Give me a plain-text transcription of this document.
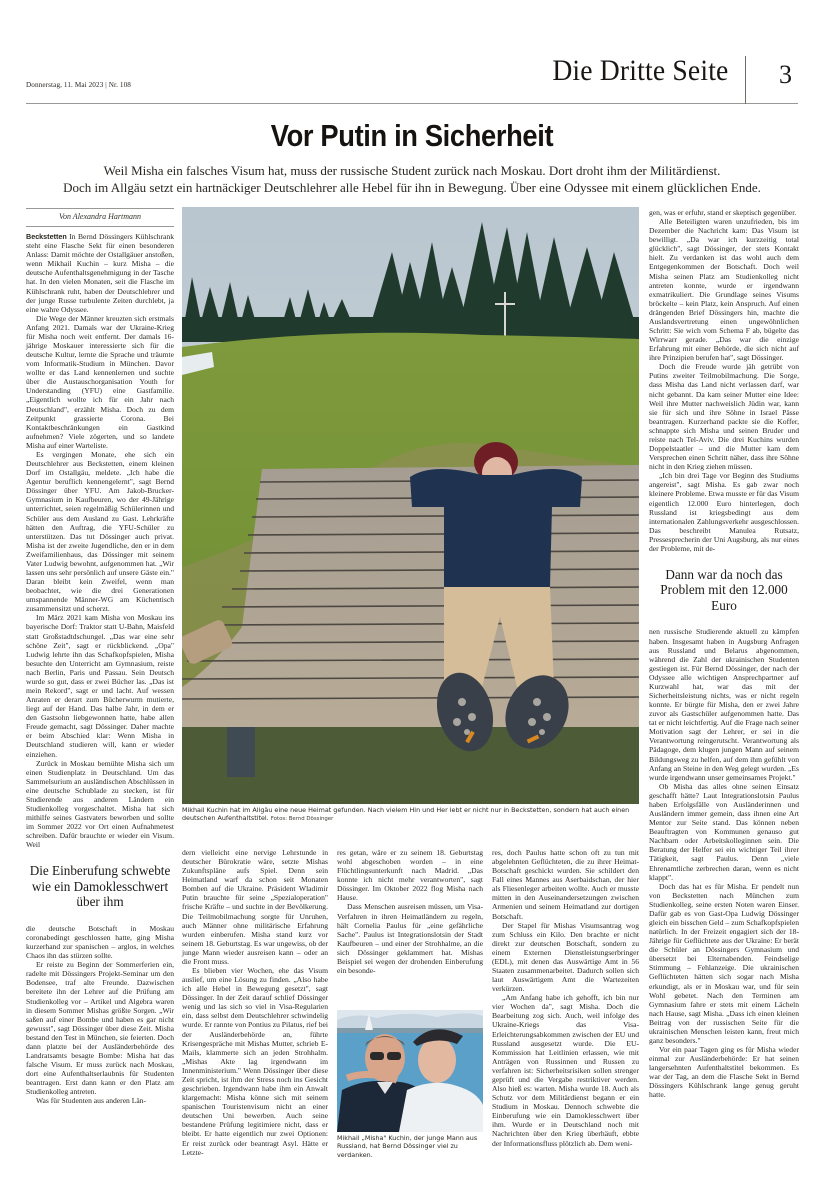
Donnerstag, 11. Mai 2023 | Nr. 108	Die Dritte Seite 3
Vor Putin in Sicherheit
Weil Misha ein falsches Visum hat, muss der russische Student zurück nach Moskau. Dort droht ihm der Militärdienst.
Doch im Allgäu setzt ein hartnäckiger Deutschlehrer alle Hebel für ihn in Bewegung. Über eine Odyssee mit einem glücklichen Ende.
Von Alexandra Hartmann

Beckstetten In Bernd Dössingers Kühlschrank steht eine Flasche Sekt für einen besonderen Anlass: Damit möchte der Ostallgäuer anstoßen, wenn Mikhail Kuchin – kurz Misha – die deutsche Aufenthaltsgenehmigung in der Tasche hat. In den vielen Monaten, seit die Flasche im Kühlschrank ruht, haben der Deutschlehrer und der junge Russe turbulente Zeiten durchlebt, ja eine wahre Odyssee.

Die Wege der Männer kreuzten sich erstmals Anfang 2021. Damals war der Ukraine-Krieg für Misha noch weit entfernt. Der damals 16-jährige Moskauer interessierte sich für die deutsche Kultur, lernte die Sprache und träumte vom Informatik-Studium in München. Davor wollte er das Land kennenlernen und suchte über die Austauschorganisation Youth for Understanding (YFU) eine Gastfamilie. „Eigentlich wollte ich für ein Jahr nach Deutschland", erzählt Misha. Doch zu dem Zeitpunkt grassierte Corona. Bei Kontaktbeschränkungen ein Gastkind aufnehmen? Viele zögerten, und so landete Misha auf einer Warteliste.

Es vergingen Monate, ehe sich ein Deutschlehrer aus Beckstetten, einem kleinen Dorf im Ostallgäu, meldete. „Ich habe die Agentur beruflich kennengelernt", sagt Bernd Dössinger über YFU. Am Jakob-Brucker-Gymnasium in Kaufbeuren, wo der 49-Jährige unterrichtet, seien regelmäßig Schülerinnen und Schüler aus dem Ausland zu Gast. Lehrkräfte hätten den Auftrag, die YFU-Schüler zu unterstützen. Das tut Dössinger auch privat. Misha ist der zweite Jugendliche, den er in dem Zweifamilienhaus, das Dössinger mit seinem Vater Ludwig bewohnt, aufgenommen hat. „Wir lassen uns sehr persönlich auf unsere Gäste ein." Daran bleibt kein Zweifel, wenn man beobachtet, wie die drei Generationen umspannende Männer-WG am Küchentisch zusammensitzt und scherzt.

Im März 2021 kam Misha von Moskau ins bayerische Dorf: Traktor statt U-Bahn, Maisfeld statt Großstadtdschungel. „Das war eine sehr schöne Zeit", sagt er rückblickend. „Opa" Ludwig lehrte ihn das Schafkopfspielen, Misha besuchte den Unterricht am Gymnasium, reiste nach Berlin, Paris und Passau. Sein Deutsch wurde so gut, dass er zwei Bücher las. „Das ist mein Rekord", sagt er und lacht. Auf wessen Anraten er derart zum Bücherwurm mutierte, liegt auf der Hand. Das halbe Jahr, in dem er den Gastsohn liebgewonnen hatte, habe allen Freude gemacht, sagt Dössinger. Daher machte er beim Abschied klar: Wenn Misha in Deutschland studieren will, kann er wieder einziehen.

Zurück in Moskau bemühte Misha sich um einen Studienplatz in Deutschland. Um das Sammelsurium an ausländischen Abschlüssen in eine deutsche Schublade zu stecken, ist für Studierende aus anderen Ländern ein Studienkolleg vorgeschaltet. Misha hat sich mithilfe seines Gastvaters beworben und sollte im Sommer 2022 vor Ort einen Aufnahmetest schreiben. Dafür brauchte er wieder ein Visum. Weil

Die Einberufung schwebte wie ein Damoklesschwert über ihm

die deutsche Botschaft in Moskau coronabedingt geschlossen hatte, ging Misha kurzerhand zur spanischen – arglos, in welches Chaos ihn das stürzen sollte.

Er reiste zu Beginn der Sommerferien ein, radelte mit Dössingers Projekt-Seminar um den Bodensee, traf alte Freunde. Dazwischen bereitete ihn der Lehrer auf die Prüfung am Studienkolleg vor – Artikel und Algebra waren in diesem Sommer Mishas größte Sorgen. „Wir saßen auf einer Bombe und haben es gar nicht gewusst", sagt Dössinger über diese Zeit. Misha bestand den Test in München, sie feierten. Doch dann platzte bei der Ausländerbehörde des Landratsamts besagte Bombe: Misha hat das falsche Visum. Er muss zurück nach Moskau, dort eine Aufenthaltserlaubnis für Studenten beantragen. Erst dann kann er den Platz am Studienkolleg antreten.

Was für Studenten aus anderen Län-

Mikhail Kuchin hat im Allgäu eine neue Heimat gefunden. Nach vielem Hin und Her lebt er nicht nur in Beckstetten, sondern hat auch einen deutschen Aufenthaltstitel. Fotos: Bernd Dössinger

dern vielleicht eine nervige Lehrstunde in deutscher Bürokratie wäre, setzte Mishas Zukunftspläne aufs Spiel. Denn sein Heimatland warf da schon seit Monaten Bomben auf die Ukraine. Präsident Wladimir Putin brauchte für seine „Spezialoperation" frische Kräfte – und suchte in der Bevölkerung. Die Teilmobilmachung sorgte für Unruhen, auch Männer ohne militärische Erfahrung wurden einberufen. Misha stand kurz vor seinem 18. Geburtstag. Es war ungewiss, ob der junge Mann wieder ausreisen kann – oder an die Front muss.

Es blieben vier Wochen, ehe das Visum auslief, um eine Lösung zu finden. „Also habe ich alle Hebel in Bewegung gesetzt", sagt Dössinger. In der Zeit darauf schlief Dössinger wenig und las sich so viel in Visa-Regularien ein, dass selbst dem Deutschlehrer schwindelig wurde. Er rannte von Pontius zu Pilatus, rief bei der Ausländerbehörde an, führte Krisengespräche mit Mishas Mutter, schrieb E-Mails, klammerte sich an jeden Strohhalm. „Mishas Akte lag irgendwann im Innenministerium." Wenn Dössinger über diese Zeit spricht, ist ihm der Stress noch ins Gesicht geschrieben. Irgendwann habe ihm ein Anwalt klargemacht: Misha könne sich mit seinem spanischen Touristenvisum nicht an einer deutschen Uni bewerben. Auch seine bestandene Prüfung legitimiere nicht, dass er bleibt. Er hatte eigentlich nur zwei Optionen: Er reist zurück oder beantragt Asyl. Hätte er Letzte-

res getan, wäre er zu seinem 18. Geburtstag wohl abgeschoben worden – in eine Flüchtlingsunterkunft nach Madrid. „Das konnte ich nicht mehr verantworten", sagt Dössinger. Im Oktober 2022 flog Misha nach Hause.

Dass Menschen ausreisen müssen, um Visa-Verfahren in ihren Heimatländern zu regeln, hält Cornelia Paulus für „eine gefährliche Sache". Paulus ist Integrationslotsin der Stadt Kaufbeuren – und einer der Strohhalme, an die sich Dössinger geklammert hat. Mishas Beispiel sei wegen der drohenden Einberufung ein besonde-

Mikhail „Misha" Kuchin, der junge Mann aus Russland, hat Bernd Dössinger viel zu verdanken.

res, doch Paulus hatte schon oft zu tun mit abgelehnten Geflüchteten, die zu ihrer Heimat-Botschaft geschickt wurden. Sie schildert den Fall eines Mannes aus Aserbaidschan, der hier als Fliesenleger arbeiten wollte. Auch er musste mitten in den Auseinandersetzungen zwischen Armenien und seinem Heimatland zur dortigen Botschaft.

Der Stapel für Mishas Visumsantrag wog zum Schluss ein Kilo. Den brachte er nicht direkt zur deutschen Botschaft, sondern zu einem Externen Dienstleistungserbringer (EDL), mit denen das Auswärtige Amt in 56 Staaten zusammenarbeitet. Dadurch sollen sich laut Auswärtigem Amt die Wartezeiten verkürzen.

„Am Anfang habe ich gehofft, ich bin nur vier Wochen da", sagt Misha. Doch die Bearbeitung zog sich. Auch, weil infolge des Ukraine-Kriegs das Visa-Erleichterungsabkommen zwischen der EU und Russland ausgesetzt wurde. Die EU-Kommission hat Leitlinien erlassen, wie mit Anträgen von Russinnen und Russen zu verfahren ist: Sicherheitsrisiken sollen strenger geprüft und die Vergabe restriktiver werden. Also hieß es: warten. Misha wurde 18. Auch als Schutz vor dem Militärdienst begann er ein Studium in Moskau. Dennoch schwebte die Einberufung wie ein Damoklesschwert über ihm. Wurde er in Deutschland noch mit Nachrichten über den Krieg überhäuft, ebbte der Informationsfluss plötzlich ab. Dem weni-

gen, was er erfuhr, stand er skeptisch gegenüber.

Alle Beteiligten waren unzufrieden, bis im Dezember die Nachricht kam: Das Visum ist bewilligt. „Da war ich kurzzeitig total glücklich", sagt Dössinger, der stets Kontakt hielt. Zu verdanken ist das wohl auch dem Entgegenkommen der Botschaft. Doch weil Misha seinen Platz am Studienkolleg nicht antreten konnte, wurde er irgendwann exmatrikuliert. Die Grundlage seines Visums bröckelte – kein Platz, kein Anspruch. Auf einen drängenden Brief Dössingers hin, machte die Auslandsvertretung einen ungewöhnlichen Schritt: Sie wich vom Schema F ab, bügelte das Wirrwarr gerade. „Das war die einzige Erfahrung mit einer Behörde, die sich nicht auf ihre Prinzipien berufen hat", sagt Dössinger.

Doch die Freude wurde jäh getrübt von Putins zweiter Teilmobilmachung. Die Sorge, dass Misha das Land nicht verlassen darf, war nicht gebannt. Da kam seiner Mutter eine Idee: Weil ihre Mutter nachweislich Jüdin war, kann sie für sich und ihre Söhne in Israel Pässe beantragen. Kurzerhand packte sie die Koffer, schnappte sich Misha und seinen Bruder und reiste nach Tel-Aviv. Die drei Kuchins wurden Doppelstaatler – und die Mutter kam dem Versprechen einen Schritt näher, dass ihre Söhne nicht in den Krieg ziehen müssen.

„Ich bin drei Tage vor Beginn des Studiums angereist", sagt Misha. Es gab zwar noch kleinere Probleme. Etwa musste er für das Visum eigentlich 12.000 Euro hinterlegen, doch Russland ist kriegsbedingt aus dem internationalen Zahlungsverkehr ausgeschlossen. Das beschreibt Manulea Rutsatz, Pressesprecherin der Uni Augsburg, als nur eines der Probleme, mit de-

Dann war da noch das Problem mit den 12.000 Euro

nen russische Studierende aktuell zu kämpfen haben. Insgesamt haben in Augsburg Anfragen aus Russland und Belarus abgenommen, während die Zahl der ukrainischen Studenten gestiegen ist. Für Bernd Dössinger, der nach der Odyssee alle wichtigen Ansprechpartner auf Kurzwahl hat, war das mit der Sicherheitsleistung nichts, was er nicht regeln konnte. Er bürgte für Misha, den er zwei Jahre zuvor als Gastschüler aufgenommen hatte. Das tat er nicht leichtfertig. Auf die Frage nach seiner Motivation sagt der Lehrer, er sei in die Verantwortung reingerutscht. Verantwortung als Pädagoge, dem klugen jungen Mann auf seinem Bildungsweg zu helfen, auf dem ihm gefühlt von Anfang an Steine in den Weg gelegt wurden. „Es wurde irgendwann unser gemeinsames Projekt."

Ob Misha das alles ohne seinen Einsatz geschafft hätte? Laut Integrationslotsin Paulus haben Erfolgsfälle von Ausländerinnen und Ausländern immer gemein, dass ihnen eine Art Mentor zur Seite stand. Das können neben Beauftragten von Kommunen genauso gut Nachbarn oder Arbeitskolleginnen sein. Die Beratung der Helfer sei ein wichtiger Teil ihrer Tätigkeit, sagt Paulus. Denn „viele Ehrenamtliche zerbrechen daran, wenn es nicht klappt".

Doch das hat es für Misha. Er pendelt nun von Beckstetten nach München zum Studienkolleg, seine ersten Noten waren Einser. Dafür gab es von Gast-Opa Ludwig Dössinger gleich ein bisschen Geld – zum Schafkopfspielen natürlich. In der Freizeit engagiert sich der 18-Jährige für Geflüchtete aus der Ukraine: Er berät die Schüler an Dössingers Gymnasium und übersetzt bei Elternabenden. Feindselige Stimmung – Fehlanzeige. Die ukrainischen Geflüchteten hätten sich sogar nach Misha erkundigt, als er in Moskau war, und für sein Wohl gebetet. Nach den Terminen am Gymnasium fahre er stets mit einem Lächeln nach Hause, sagt Misha. „Dass ich einen kleinen Beitrag von der russischen Seite für die ukrainischen Menschen leisten kann, freut mich ganz besonders."

Vor ein paar Tagen ging es für Misha wieder einmal zur Ausländerbehörde: Er hat seinen langersehnten Aufenthaltstitel bekommen. Es war der Tag, an dem die Flasche Sekt in Bernd Dössingers Kühlschrank lange genug geruht hatte.
